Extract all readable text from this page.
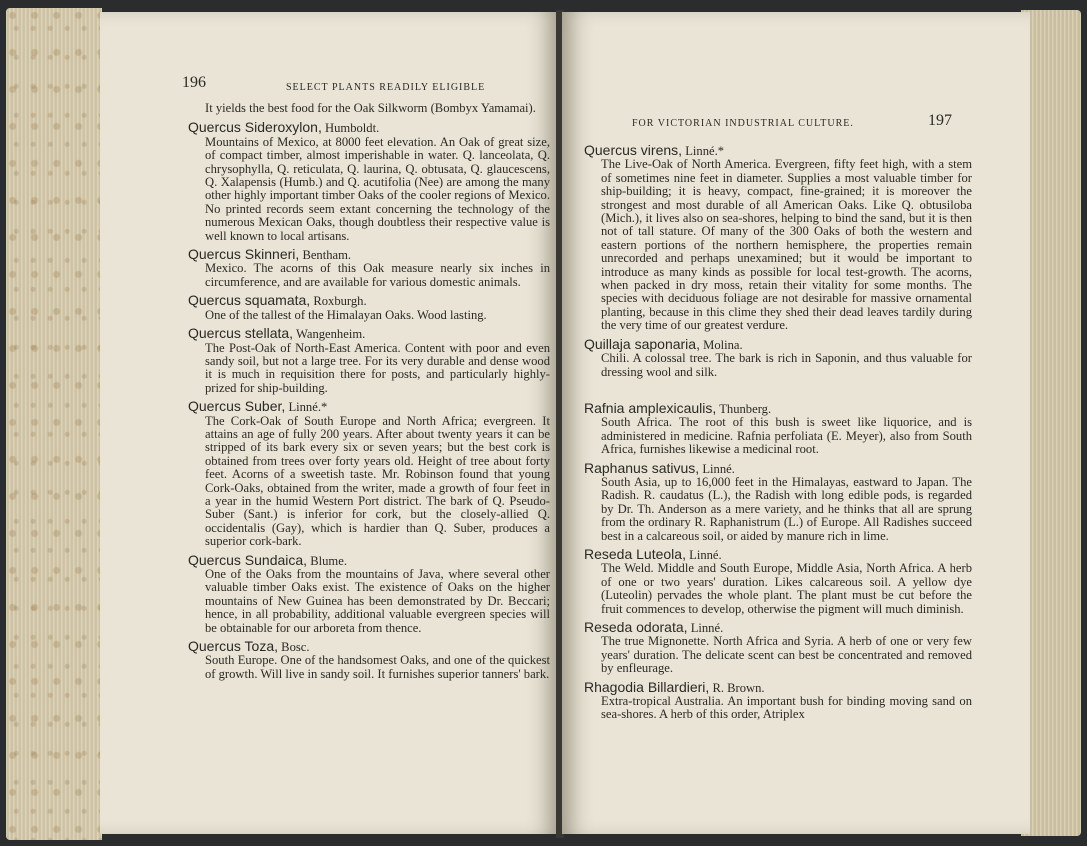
196	SELECT PLANTS READILY ELIGIBLE
It yields the best food for the Oak Silkworm (Bombyx Yamamai).
Quercus Sideroxylon, Humboldt.
Mountains of Mexico, at 8000 feet elevation. An Oak of great size, of compact timber, almost imperishable in water. Q. lanceolata, Q. chrysophylla, Q. reticulata, Q. laurina, Q. obtusata, Q. glaucescens, Q. Xalapensis (Humb.) and Q. acutifolia (Nee) are among the many other highly important timber Oaks of the cooler regions of Mexico. No printed records seem extant concerning the technology of the numerous Mexican Oaks, though doubtless their respective value is well known to local artisans.
Quercus Skinneri, Bentham.
Mexico. The acorns of this Oak measure nearly six inches in circumference, and are available for various domestic animals.
Quercus squamata, Roxburgh.
One of the tallest of the Himalayan Oaks. Wood lasting.
Quercus stellata, Wangenheim.
The Post-Oak of North-East America. Content with poor and even sandy soil, but not a large tree. For its very durable and dense wood it is much in requisition there for posts, and particularly highly-prized for ship-building.
Quercus Suber, Linné.*
The Cork-Oak of South Europe and North Africa; evergreen. It attains an age of fully 200 years. After about twenty years it can be stripped of its bark every six or seven years; but the best cork is obtained from trees over forty years old. Height of tree about forty feet. Acorns of a sweetish taste. Mr. Robinson found that young Cork-Oaks, obtained from the writer, made a growth of four feet in a year in the humid Western Port district. The bark of Q. Pseudo-Suber (Sant.) is inferior for cork, but the closely-allied Q. occidentalis (Gay), which is hardier than Q. Suber, produces a superior cork-bark.
Quercus Sundaica, Blume.
One of the Oaks from the mountains of Java, where several other valuable timber Oaks exist. The existence of Oaks on the higher mountains of New Guinea has been demonstrated by Dr. Beccari; hence, in all probability, additional valuable evergreen species will be obtainable for our arboreta from thence.
Quercus Toza, Bosc.
South Europe. One of the handsomest Oaks, and one of the quickest of growth. Will live in sandy soil. It furnishes superior tanners' bark.
FOR VICTORIAN INDUSTRIAL CULTURE.	197
Quercus virens, Linné.*
The Live-Oak of North America. Evergreen, fifty feet high, with a stem of sometimes nine feet in diameter. Supplies a most valuable timber for ship-building; it is heavy, compact, fine-grained; it is moreover the strongest and most durable of all American Oaks. Like Q. obtusiloba (Mich.), it lives also on sea-shores, helping to bind the sand, but it is then not of tall stature. Of many of the 300 Oaks of both the western and eastern portions of the northern hemisphere, the properties remain unrecorded and perhaps unexamined; but it would be important to introduce as many kinds as possible for local test-growth. The acorns, when packed in dry moss, retain their vitality for some months. The species with deciduous foliage are not desirable for massive ornamental planting, because in this clime they shed their dead leaves tardily during the very time of our greatest verdure.
Quillaja saponaria, Molina.
Chili. A colossal tree. The bark is rich in Saponin, and thus valuable for dressing wool and silk.
Rafnia amplexicaulis, Thunberg.
South Africa. The root of this bush is sweet like liquorice, and is administered in medicine. Rafnia perfoliata (E. Meyer), also from South Africa, furnishes likewise a medicinal root.
Raphanus sativus, Linné.
South Asia, up to 16,000 feet in the Himalayas, eastward to Japan. The Radish. R. caudatus (L.), the Radish with long edible pods, is regarded by Dr. Th. Anderson as a mere variety, and he thinks that all are sprung from the ordinary R. Raphanistrum (L.) of Europe. All Radishes succeed best in a calcareous soil, or aided by manure rich in lime.
Reseda Luteola, Linné.
The Weld. Middle and South Europe, Middle Asia, North Africa. A herb of one or two years' duration. Likes calcareous soil. A yellow dye (Luteolin) pervades the whole plant. The plant must be cut before the fruit commences to develop, otherwise the pigment will much diminish.
Reseda odorata, Linné.
The true Mignonette. North Africa and Syria. A herb of one or very few years' duration. The delicate scent can best be concentrated and removed by enfleurage.
Rhagodia Billardieri, R. Brown.
Extra-tropical Australia. An important bush for binding moving sand on sea-shores. A herb of this order, Atriplex
